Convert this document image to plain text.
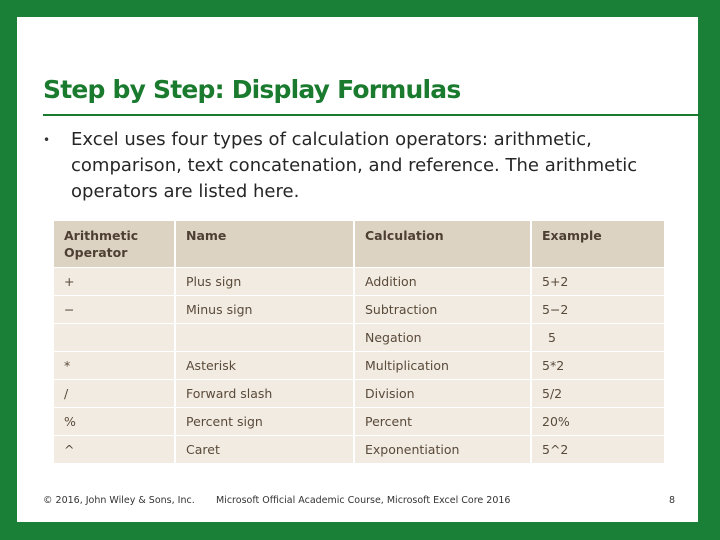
Step by Step: Display Formulas
•	Excel uses four types of calculation operators: arithmetic, comparison, text concatenation, and reference. The arithmetic operators are listed here.
Arithmetic Operator	Name	Calculation	Example
+	Plus sign	Addition	5+2
−	Minus sign	Subtraction	5−2
		Negation	5
*	Asterisk	Multiplication	5*2
/	Forward slash	Division	5/2
%	Percent sign	Percent	20%
^	Caret	Exponentiation	5^2
© 2016, John Wiley & Sons, Inc. Microsoft Official Academic Course, Microsoft Excel Core 2016	8
